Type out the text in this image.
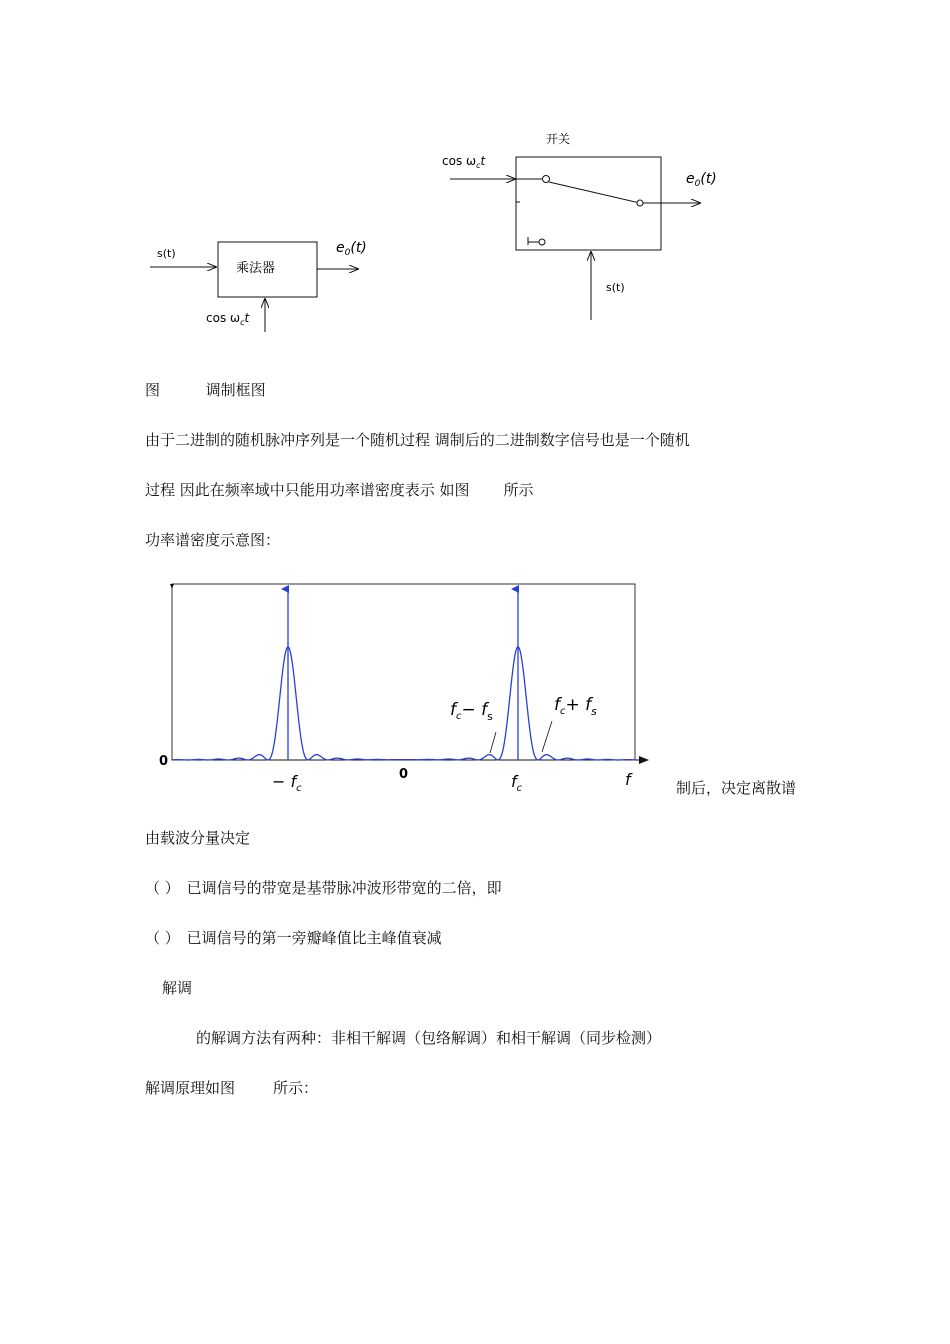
s(t)
乘法器
$e_0(t)$
$\cos \omega_ct$
开关
$\cos \omega_ct$
$e_0(t)$
s(t)
图	调制框图
由于二进制的随机脉冲序列是一个随机过程 调制后的二进制数字信号也是一个随机
过程 因此在频率域中只能用功率谱密度表示 如图 所示
功率谱密度示意图：
0
− $f_c$
0	$f_c$	f
$f_c- f_s$
$f_c+ f_s$
制后，决定离散谱
由载波分量决定
（ ） 已调信号的带宽是基带脉冲波形带宽的二倍，即
（ ） 已调信号的第一旁瓣峰值比主峰值衰减
解调
的解调方法有两种：非相干解调（包络解调）和相干解调（同步检测）
解调原理如图	所示：
